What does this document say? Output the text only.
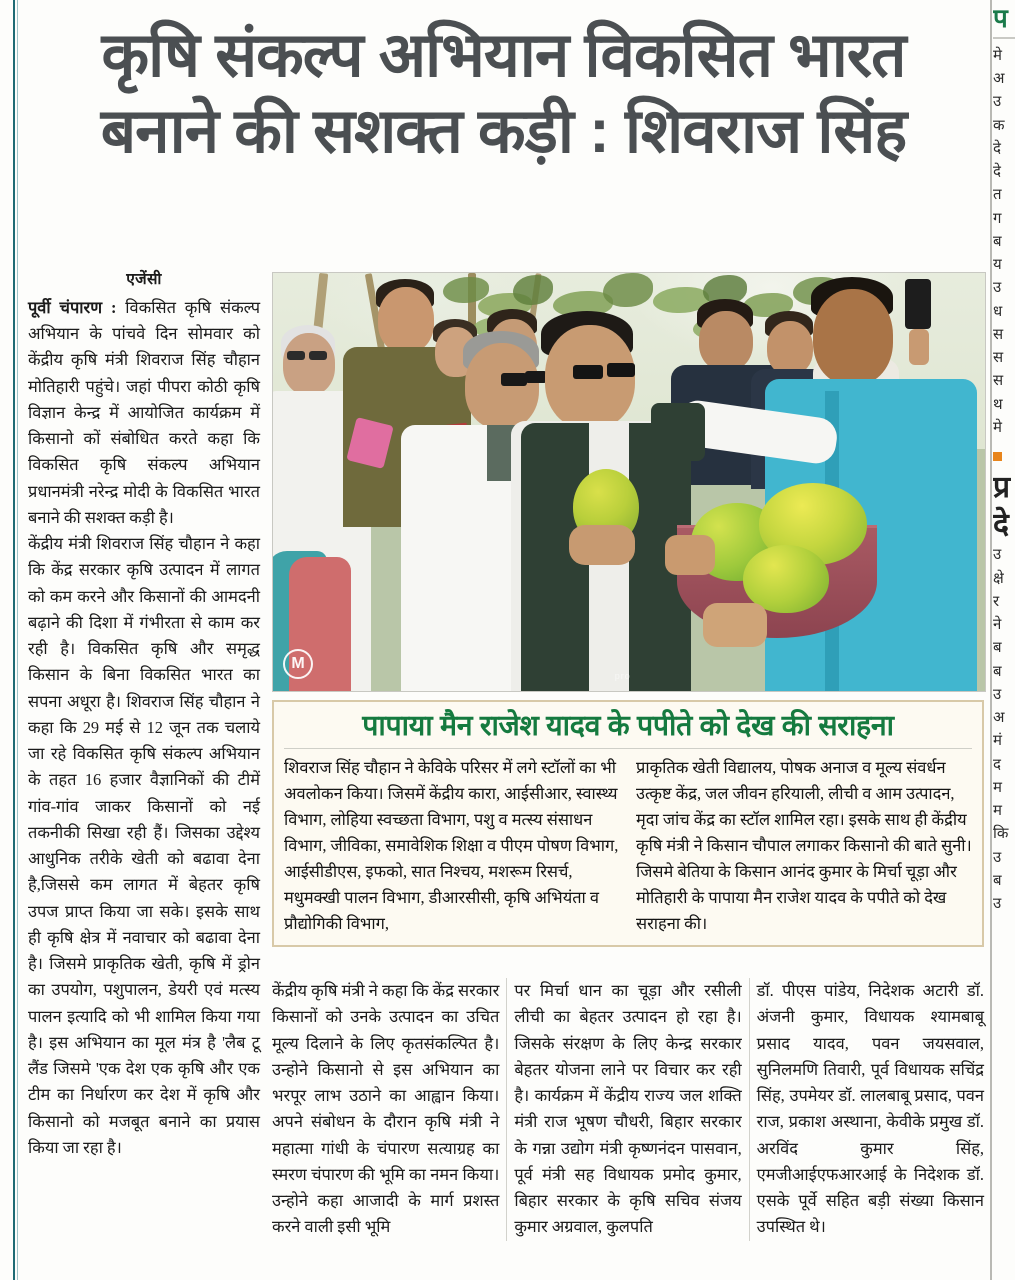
कृषि संकल्प अभियान विकसित भारत
बनाने की सशक्त कड़ी : शिवराज सिंह
एजेंसी

पूर्वी चंपारण : विकसित कृषि संकल्प अभियान के पांचवे दिन सोमवार को केंद्रीय कृषि मंत्री शिवराज सिंह चौहान मोतिहारी पहुंचे। जहां पीपरा कोठी कृषि विज्ञान केन्द्र में आयोजित कार्यक्रम में किसानो कों संबोधित करते कहा कि विकसित कृषि संकल्प अभियान प्रधानमंत्री नरेन्द्र मोदी के विकसित भारत बनाने की सशक्त कड़ी है।

केंद्रीय मंत्री शिवराज सिंह चौहान ने कहा कि केंद्र सरकार कृषि उत्पादन में लागत को कम करने और किसानों की आमदनी बढ़ाने की दिशा में गंभीरता से काम कर रही है। विकसित कृषि और समृद्ध किसान के बिना विकसित भारत का सपना अधूरा है। शिवराज सिंह चौहान ने कहा कि 29 मई से 12 जून तक चलाये जा रहे विकसित कृषि संकल्प अभियान के तहत 16 हजार वैज्ञानिकों की टीमें गांव-गांव जाकर किसानों को नई तकनीकी सिखा रही हैं। जिसका उद्देश्य आधुनिक तरीके खेती को बढावा देना है,जिससे कम लागत में बेहतर कृषि उपज प्राप्त किया जा सके। इसके साथ ही कृषि क्षेत्र में नवाचार को बढावा देना है। जिसमे प्राकृतिक खेती, कृषि में ड्रोन का उपयोग, पशुपालन, डेयरी एवं मत्स्य पालन इत्यादि को भी शामिल किया गया है। इस अभियान का मूल मंत्र है 'लैब टू लैंड जिसमे 'एक देश एक कृषि और एक टीम का निर्धारण कर देश में कृषि और किसानो को मजबूत बनाने का प्रयास किया जा रहा है।

M
pro
पापाया मैन राजेश यादव के पपीते को देख की सराहना

शिवराज सिंह चौहान ने केविके परिसर में लगे स्टॉलों का भी अवलोकन किया। जिसमें केंद्रीय कारा, आईसीआर, स्वास्थ्य विभाग, लोहिया स्वच्छता विभाग, पशु व मत्स्य संसाधन विभाग, जीविका, समावेशिक शिक्षा व पीएम पोषण विभाग, आईसीडीएस, इफको, सात निश्चय, मशरूम रिसर्च, मधुमक्खी पालन विभाग, डीआरसीसी, कृषि अभियंता व प्रौद्योगिकी विभाग,

प्राकृतिक खेती विद्यालय, पोषक अनाज व मूल्य संवर्धन उत्कृष्ट केंद्र, जल जीवन हरियाली, लीची व आम उत्पादन, मृदा जांच केंद्र का स्टॉल शामिल रहा। इसके साथ ही केंद्रीय कृषि मंत्री ने किसान चौपाल लगाकर किसानो की बाते सुनी। जिसमे बेतिया के किसान आनंद कुमार के मिर्चा चूड़ा और मोतिहारी के पापाया मैन राजेश यादव के पपीते को देख सराहना की।

केंद्रीय कृषि मंत्री ने कहा कि केंद्र सरकार किसानों को उनके उत्पादन का उचित मूल्य दिलाने के लिए कृतसंकल्पित है। उन्होने किसानो से इस अभियान का भरपूर लाभ उठाने का आह्वान किया। अपने संबोधन के दौरान कृषि मंत्री ने महात्मा गांधी के चंपारण सत्याग्रह का स्मरण चंपारण की भूमि का नमन किया।उन्होने कहा आजादी के मार्ग प्रशस्त करने वाली इसी भूमि

पर मिर्चा धान का चूड़ा और रसीली लीची का बेहतर उत्पादन हो रहा है। जिसके संरक्षण के लिए केन्द्र सरकार बेहतर योजना लाने पर विचार कर रही है। कार्यक्रम में केंद्रीय राज्य जल शक्ति मंत्री राज भूषण चौधरी, बिहार सरकार के गन्ना उद्योग मंत्री कृष्णनंदन पासवान, पूर्व मंत्री सह विधायक प्रमोद कुमार, बिहार सरकार के कृषि सचिव संजय कुमार अग्रवाल, कुलपति

डॉ. पीएस पांडेय, निदेशक अटारी डॉ. अंजनी कुमार, विधायक श्यामबाबू प्रसाद यादव, पवन जयसवाल, सुनिलमणि तिवारी, पूर्व विधायक सचिंद्र सिंह, उपमेयर डॉ. लालबाबू प्रसाद, पवन राज, प्रकाश अस्थाना, केवीके प्रमुख डॉ. अरविंद कुमार सिंह, एमजीआईएफआरआई के निदेशक डॉ. एसके पूर्वे सहित बड़ी संख्या किसान उपस्थित थे।

प
मे
अ
उ
क
दे
दे
त
ग
ब
य
उ
ध
स
स
स
थ
मे
प्र
दे
उ
क्षे
र
ने
ब
ब
उ
अ
मं
द
म
म
कि
उ
ब
उ
